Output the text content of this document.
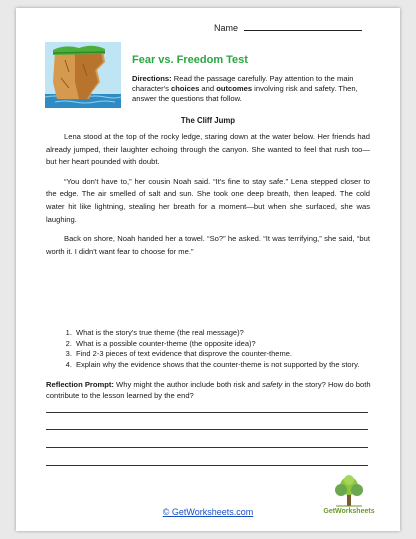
Name
Fear vs. Freedom Test
Directions: Read the passage carefully. Pay attention to the main character's choices and outcomes involving risk and safety. Then, answer the questions that follow.
The Cliff Jump

Lena stood at the top of the rocky ledge, staring down at the water below. Her friends had already jumped, their laughter echoing through the canyon. She wanted to feel that rush too—but her heart pounded with doubt.

“You don't have to,” her cousin Noah said. “It's fine to stay safe.” Lena stepped closer to the edge. The air smelled of salt and sun. She took one deep breath, then leaped. The cold water hit like lightning, stealing her breath for a moment—but when she surfaced, she was laughing.

Back on shore, Noah handed her a towel. “So?” he asked. “It was terrifying,” she said, “but worth it. I didn't want fear to choose for me.”

1. What is the story's true theme (the real message)?
2. What is a possible counter-theme (the opposite idea)?
3. Find 2-3 pieces of text evidence that disprove the counter-theme.
4. Explain why the evidence shows that the counter-theme is not supported by the story.
Reflection Prompt: Why might the author include both risk and safety in the story? How do both contribute to the lesson learned by the end?
© GetWorksheets.com	GetWorksheets
